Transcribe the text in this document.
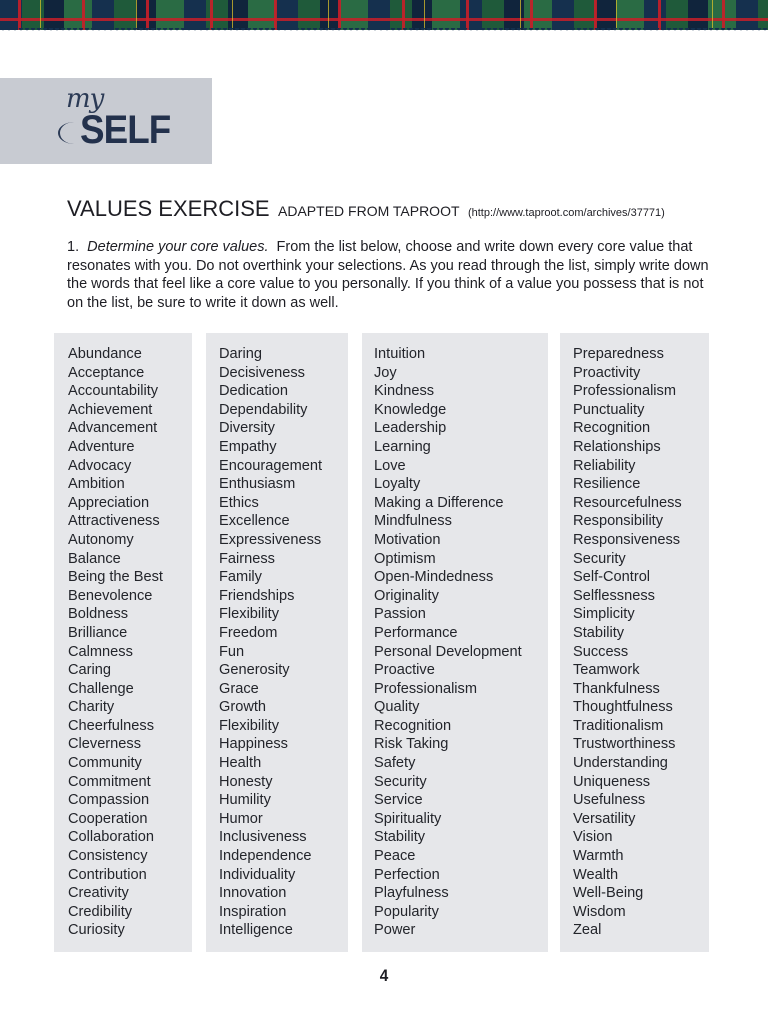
my
SELF
VALUES EXERCISE ADAPTED FROM TAPROOT (http://www.taproot.com/archives/37771)
1. Determine your core values. From the list below, choose and write down every core value that resonates with you. Do not overthink your selections. As you read through the list, simply write down the words that feel like a core value to you personally. If you think of a value you possess that is not on the list, be sure to write it down as well.
Abundance
Acceptance
Accountability
Achievement
Advancement
Adventure
Advocacy
Ambition
Appreciation
Attractiveness
Autonomy
Balance
Being the Best
Benevolence
Boldness
Brilliance
Calmness
Caring
Challenge
Charity
Cheerfulness
Cleverness
Community
Commitment
Compassion
Cooperation
Collaboration
Consistency
Contribution
Creativity
Credibility
Curiosity
Daring
Decisiveness
Dedication
Dependability
Diversity
Empathy
Encouragement
Enthusiasm
Ethics
Excellence
Expressiveness
Fairness
Family
Friendships
Flexibility
Freedom
Fun
Generosity
Grace
Growth
Flexibility
Happiness
Health
Honesty
Humility
Humor
Inclusiveness
Independence
Individuality
Innovation
Inspiration
Intelligence
Intuition
Joy
Kindness
Knowledge
Leadership
Learning
Love
Loyalty
Making a Difference
Mindfulness
Motivation
Optimism
Open-Mindedness
Originality
Passion
Performance
Personal Development
Proactive
Professionalism
Quality
Recognition
Risk Taking
Safety
Security
Service
Spirituality
Stability
Peace
Perfection
Playfulness
Popularity
Power
Preparedness
Proactivity
Professionalism
Punctuality
Recognition
Relationships
Reliability
Resilience
Resourcefulness
Responsibility
Responsiveness
Security
Self-Control
Selflessness
Simplicity
Stability
Success
Teamwork
Thankfulness
Thoughtfulness
Traditionalism
Trustworthiness
Understanding
Uniqueness
Usefulness
Versatility
Vision
Warmth
Wealth
Well-Being
Wisdom
Zeal
4
